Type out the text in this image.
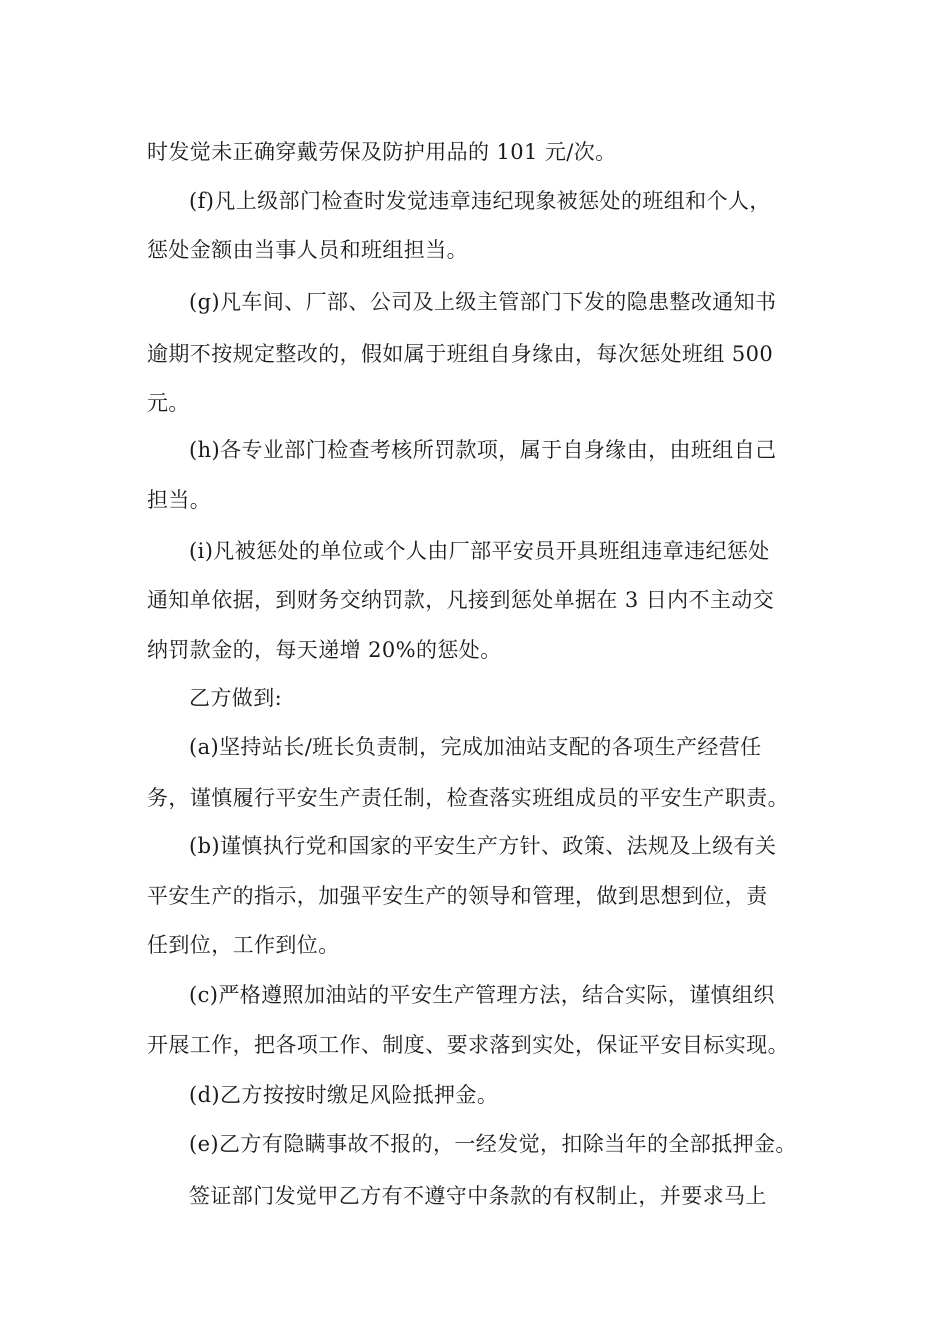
时发觉未正确穿戴劳保及防护用品的 101 元/次。
(f)凡上级部门检查时发觉违章违纪现象被惩处的班组和个人，
惩处金额由当事人员和班组担当。
(g)凡车间、厂部、公司及上级主管部门下发的隐患整改通知书
逾期不按规定整改的，假如属于班组自身缘由，每次惩处班组 500
元。
(h)各专业部门检查考核所罚款项，属于自身缘由，由班组自己
担当。
(i)凡被惩处的单位或个人由厂部平安员开具班组违章违纪惩处
通知单依据，到财务交纳罚款，凡接到惩处单据在 3 日内不主动交
纳罚款金的，每天递增 20%的惩处。
乙方做到:
(a)坚持站长/班长负责制，完成加油站支配的各项生产经营任
务，谨慎履行平安生产责任制，检查落实班组成员的平安生产职责。
(b)谨慎执行党和国家的平安生产方针、政策、法规及上级有关
平安生产的指示，加强平安生产的领导和管理，做到思想到位，责
任到位，工作到位。
(c)严格遵照加油站的平安生产管理方法，结合实际，谨慎组织
开展工作，把各项工作、制度、要求落到实处，保证平安目标实现。
(d)乙方按按时缴足风险抵押金。
(e)乙方有隐瞒事故不报的，一经发觉，扣除当年的全部抵押金。
签证部门发觉甲乙方有不遵守中条款的有权制止，并要求马上
